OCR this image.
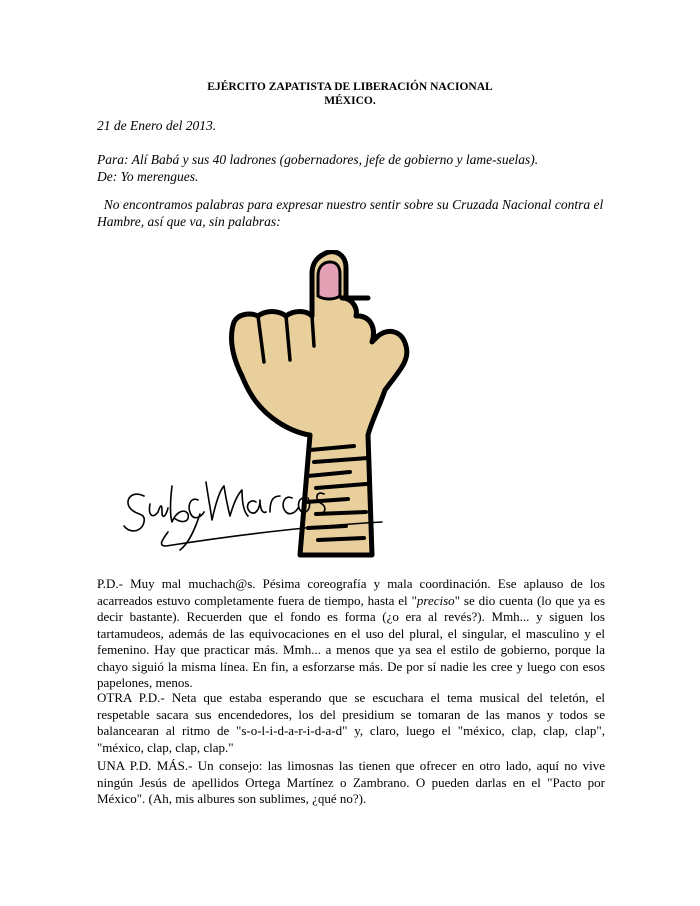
EJÉRCITO ZAPATISTA DE LIBERACIÓN NACIONAL
MÉXICO.
21 de Enero del 2013.
Para: Alí Babá y sus 40 ladrones (gobernadores, jefe de gobierno y lame-suelas).
De: Yo merengues.
No encontramos palabras para expresar nuestro sentir sobre su Cruzada Nacional contra el Hambre, así que va, sin palabras:
P.D.- Muy mal muchach@s. Pésima coreografía y mala coordinación. Ese aplauso de los acarreados estuvo completamente fuera de tiempo, hasta el "preciso" se dio cuenta (lo que ya es decir bastante). Recuerden que el fondo es forma (¿o era al revés?). Mmh... y siguen los tartamudeos, además de las equivocaciones en el uso del plural, el singular, el masculino y el femenino. Hay que practicar más. Mmh... a menos que ya sea el estilo de gobierno, porque la chayo siguió la misma línea. En fin, a esforzarse más. De por sí nadie les cree y luego con esos papelones, menos.
OTRA P.D.- Neta que estaba esperando que se escuchara el tema musical del teletón, el respetable sacara sus encendedores, los del presidium se tomaran de las manos y todos se balancearan al ritmo de "s-o-l-i-d-a-r-i-d-a-d" y, claro, luego el "méxico, clap, clap, clap", "méxico, clap, clap, clap."
UNA P.D. MÁS.- Un consejo: las limosnas las tienen que ofrecer en otro lado, aquí no vive ningún Jesús de apellidos Ortega Martínez o Zambrano. O pueden darlas en el "Pacto por México". (Ah, mis albures son sublimes, ¿qué no?).
